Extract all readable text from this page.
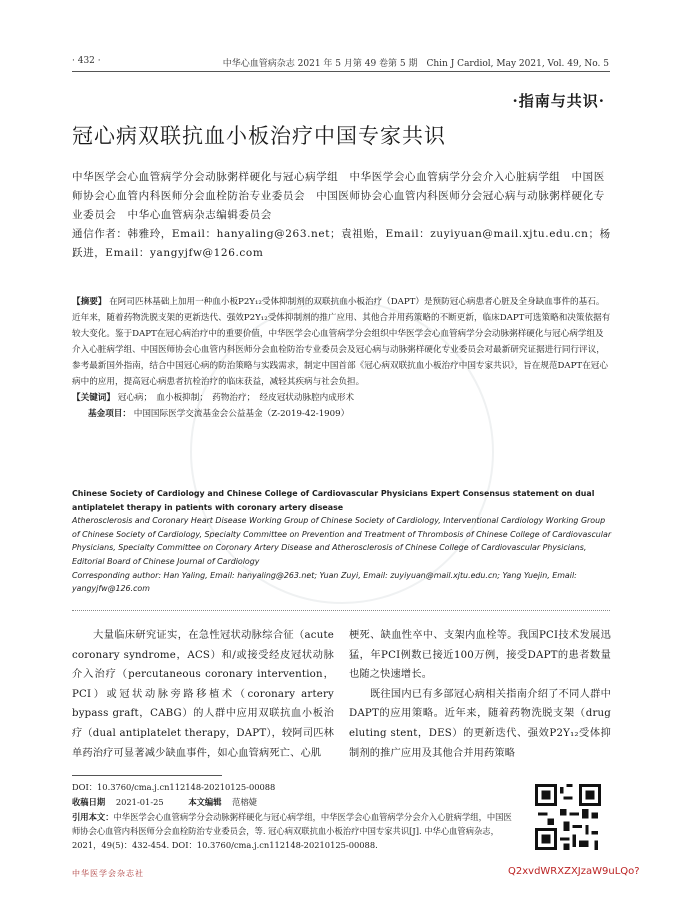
· 432 ·	中华心血管病杂志 2021 年 5 月第 49 卷第 5 期　Chin J Cardiol, May 2021, Vol. 49, No. 5
·指南与共识·
冠心病双联抗血小板治疗中国专家共识
中华医学会心血管病学分会动脉粥样硬化与冠心病学组　中华医学会心血管病学分会介入心脏病学组　中国医师协会心血管内科医师分会血栓防治专业委员会　中国医师协会心血管内科医师分会冠心病与动脉粥样硬化专业委员会　中华心血管病杂志编辑委员会
通信作者：韩雅玲，Email：hanyaling@263.net；袁祖贻，Email：zuyiyuan@mail.xjtu.edu.cn；杨跃进，Email：yangyjfw@126.com
【摘要】 在阿司匹林基础上加用一种血小板P2Y₁₂受体抑制剂的双联抗血小板治疗（DAPT）是预防冠心病患者心脏及全身缺血事件的基石。近年来，随着药物洗脱支架的更新迭代、强效P2Y₁₂受体抑制剂的推广应用、其他合并用药策略的不断更新，临床DAPT可选策略和决策依据有较大变化。鉴于DAPT在冠心病治疗中的重要价值，中华医学会心血管病学分会组织中华医学会心血管病学分会动脉粥样硬化与冠心病学组及介入心脏病学组、中国医师协会心血管内科医师分会血栓防治专业委员会及冠心病与动脉粥样硬化专业委员会对最新研究证据进行同行评议，参考最新国外指南，结合中国冠心病的防治策略与实践需求，制定中国首部《冠心病双联抗血小板治疗中国专家共识》，旨在规范DAPT在冠心病中的应用，提高冠心病患者抗栓治疗的临床获益，减轻其疾病与社会负担。
【关键词】 冠心病；　血小板抑制；　药物治疗；　经皮冠状动脉腔内成形术
基金项目： 中国国际医学交流基金会公益基金（Z-2019-42-1909）
Chinese Society of Cardiology and Chinese College of Cardiovascular Physicians Expert Consensus statement on dual antiplatelet therapy in patients with coronary artery disease
Atherosclerosis and Coronary Heart Disease Working Group of Chinese Society of Cardiology, Interventional Cardiology Working Group of Chinese Society of Cardiology, Specialty Committee on Prevention and Treatment of Thrombosis of Chinese College of Cardiovascular Physicians, Specialty Committee on Coronary Artery Disease and Atherosclerosis of Chinese College of Cardiovascular Physicians, Editorial Board of Chinese Journal of Cardiology
Corresponding author: Han Yaling, Email: hanyaling@263.net; Yuan Zuyi, Email: zuyiyuan@mail.xjtu.edu.cn; Yang Yuejin, Email: yangyjfw@126.com
　　大量临床研究证实，在急性冠状动脉综合征（acute coronary syndrome，ACS）和/或接受经皮冠状动脉介入治疗（percutaneous coronary intervention，PCI）或冠状动脉旁路移植术（coronary artery bypass graft，CABG）的人群中应用双联抗血小板治疗（dual antiplatelet therapy，DAPT），较阿司匹林单药治疗可显著减少缺血事件，如心血管病死亡、心肌
梗死、缺血性卒中、支架内血栓等。我国PCI技术发展迅猛，年PCI例数已接近100万例，接受DAPT的患者数量也随之快速增长。
　　既往国内已有多部冠心病相关指南介绍了不同人群中DAPT的应用策略。近年来，随着药物洗脱支架（drug eluting stent，DES）的更新迭代、强效P2Y₁₂受体抑制剂的推广应用及其他合并用药策略
DOI：10.3760/cma.j.cn112148-20210125-00088
收稿日期 2021-01-25	本文编辑 范榕婕
引用本文：中华医学会心血管病学分会动脉粥样硬化与冠心病学组，中华医学会心血管病学分会介入心脏病学组，中国医师协会心血管内科医师分会血栓防治专业委员会，等. 冠心病双联抗血小板治疗中国专家共识[J]. 中华心血管病杂志，2021，49(5)：432-454. DOI：10.3760/cma.j.cn112148-20210125-00088.
中华医学会杂志社	Q2xvdWRXZXJzaW9uLQo?
